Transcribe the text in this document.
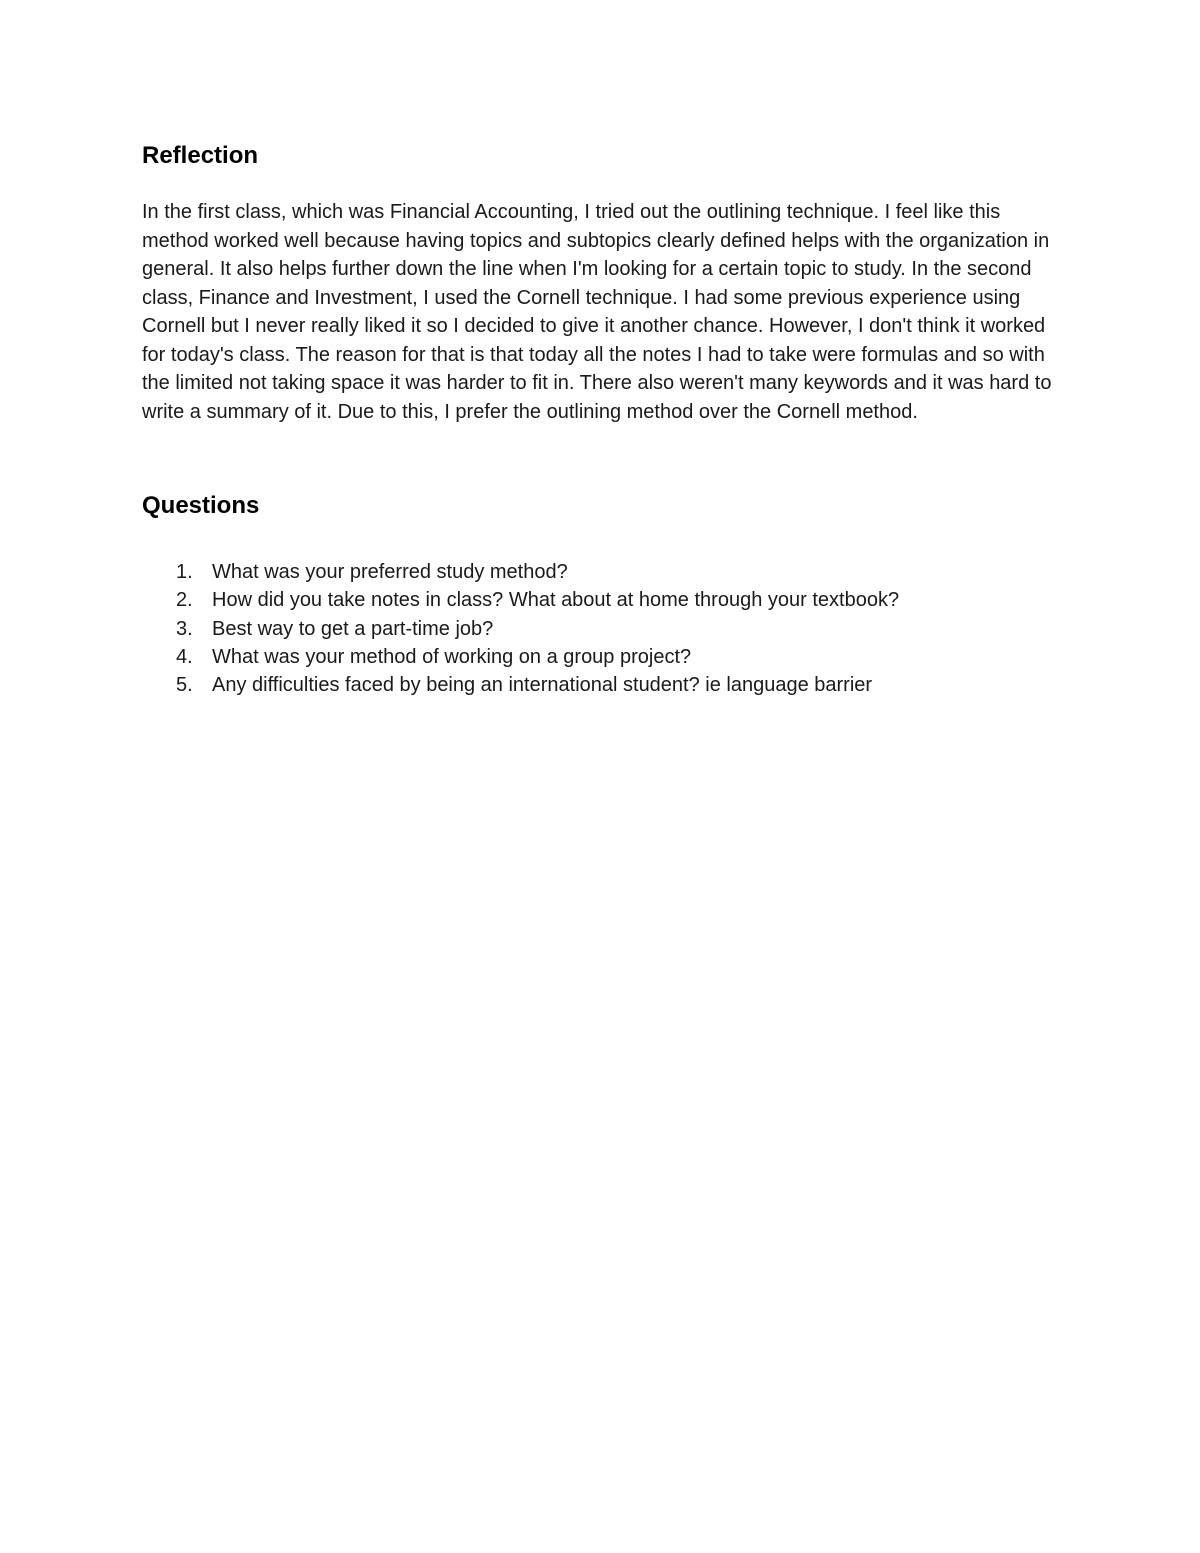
Reflection

In the first class, which was Financial Accounting, I tried out the outlining technique. I feel like this method worked well because having topics and subtopics clearly defined helps with the organization in general. It also helps further down the line when I'm looking for a certain topic to study. In the second class, Finance and Investment, I used the Cornell technique. I had some previous experience using Cornell but I never really liked it so I decided to give it another chance. However, I don't think it worked for today's class. The reason for that is that today all the notes I had to take were formulas and so with the limited not taking space it was harder to fit in. There also weren't many keywords and it was hard to write a summary of it. Due to this, I prefer the outlining method over the Cornell method.

Questions
1. What was your preferred study method?
2. How did you take notes in class? What about at home through your textbook?
3. Best way to get a part-time job?
4. What was your method of working on a group project?
5. Any difficulties faced by being an international student? ie language barrier
